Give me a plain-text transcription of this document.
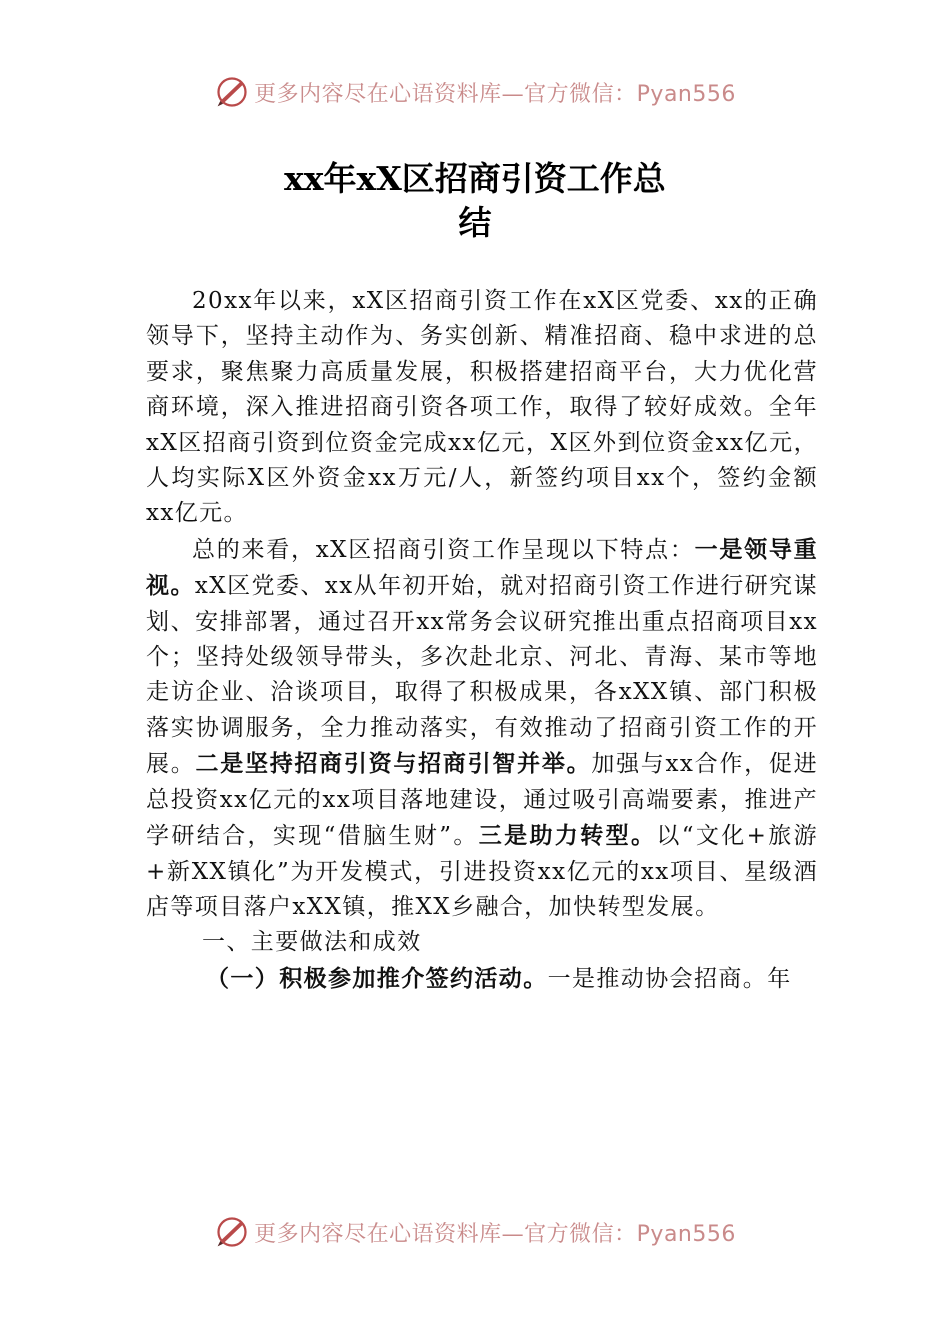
更多内容尽在心语资料库—官方微信：Pyan556
xx年xX区招商引资工作总
结

20xx年以来，xX区招商引资工作在xX区党委、xx的正确领导下，坚持主动作为、务实创新、精准招商、稳中求进的总要求，聚焦聚力高质量发展，积极搭建招商平台，大力优化营商环境，深入推进招商引资各项工作，取得了较好成效。全年xX区招商引资到位资金完成xx亿元，X区外到位资金xx亿元，人均实际X区外资金xx万元/人，新签约项目xx个，签约金额xx亿元。

总的来看，xX区招商引资工作呈现以下特点：一是领导重视。xX区党委、xx从年初开始，就对招商引资工作进行研究谋划、安排部署，通过召开xx常务会议研究推出重点招商项目xx个；坚持处级领导带头，多次赴北京、河北、青海、某市等地走访企业、洽谈项目，取得了积极成果，各xXX镇、部门积极落实协调服务，全力推动落实，有效推动了招商引资工作的开展。二是坚持招商引资与招商引智并举。加强与xx合作，促进总投资xx亿元的xx项目落地建设，通过吸引高端要素，推进产学研结合，实现“借脑生财”。三是助力转型。以“文化+旅游+新XX镇化”为开发模式，引进投资xx亿元的xx项目、星级酒店等项目落户xXX镇，推XX乡融合，加快转型发展。

一、主要做法和成效
（一）积极参加推介签约活动。一是推动协会招商。年
更多内容尽在心语资料库—官方微信：Pyan556
